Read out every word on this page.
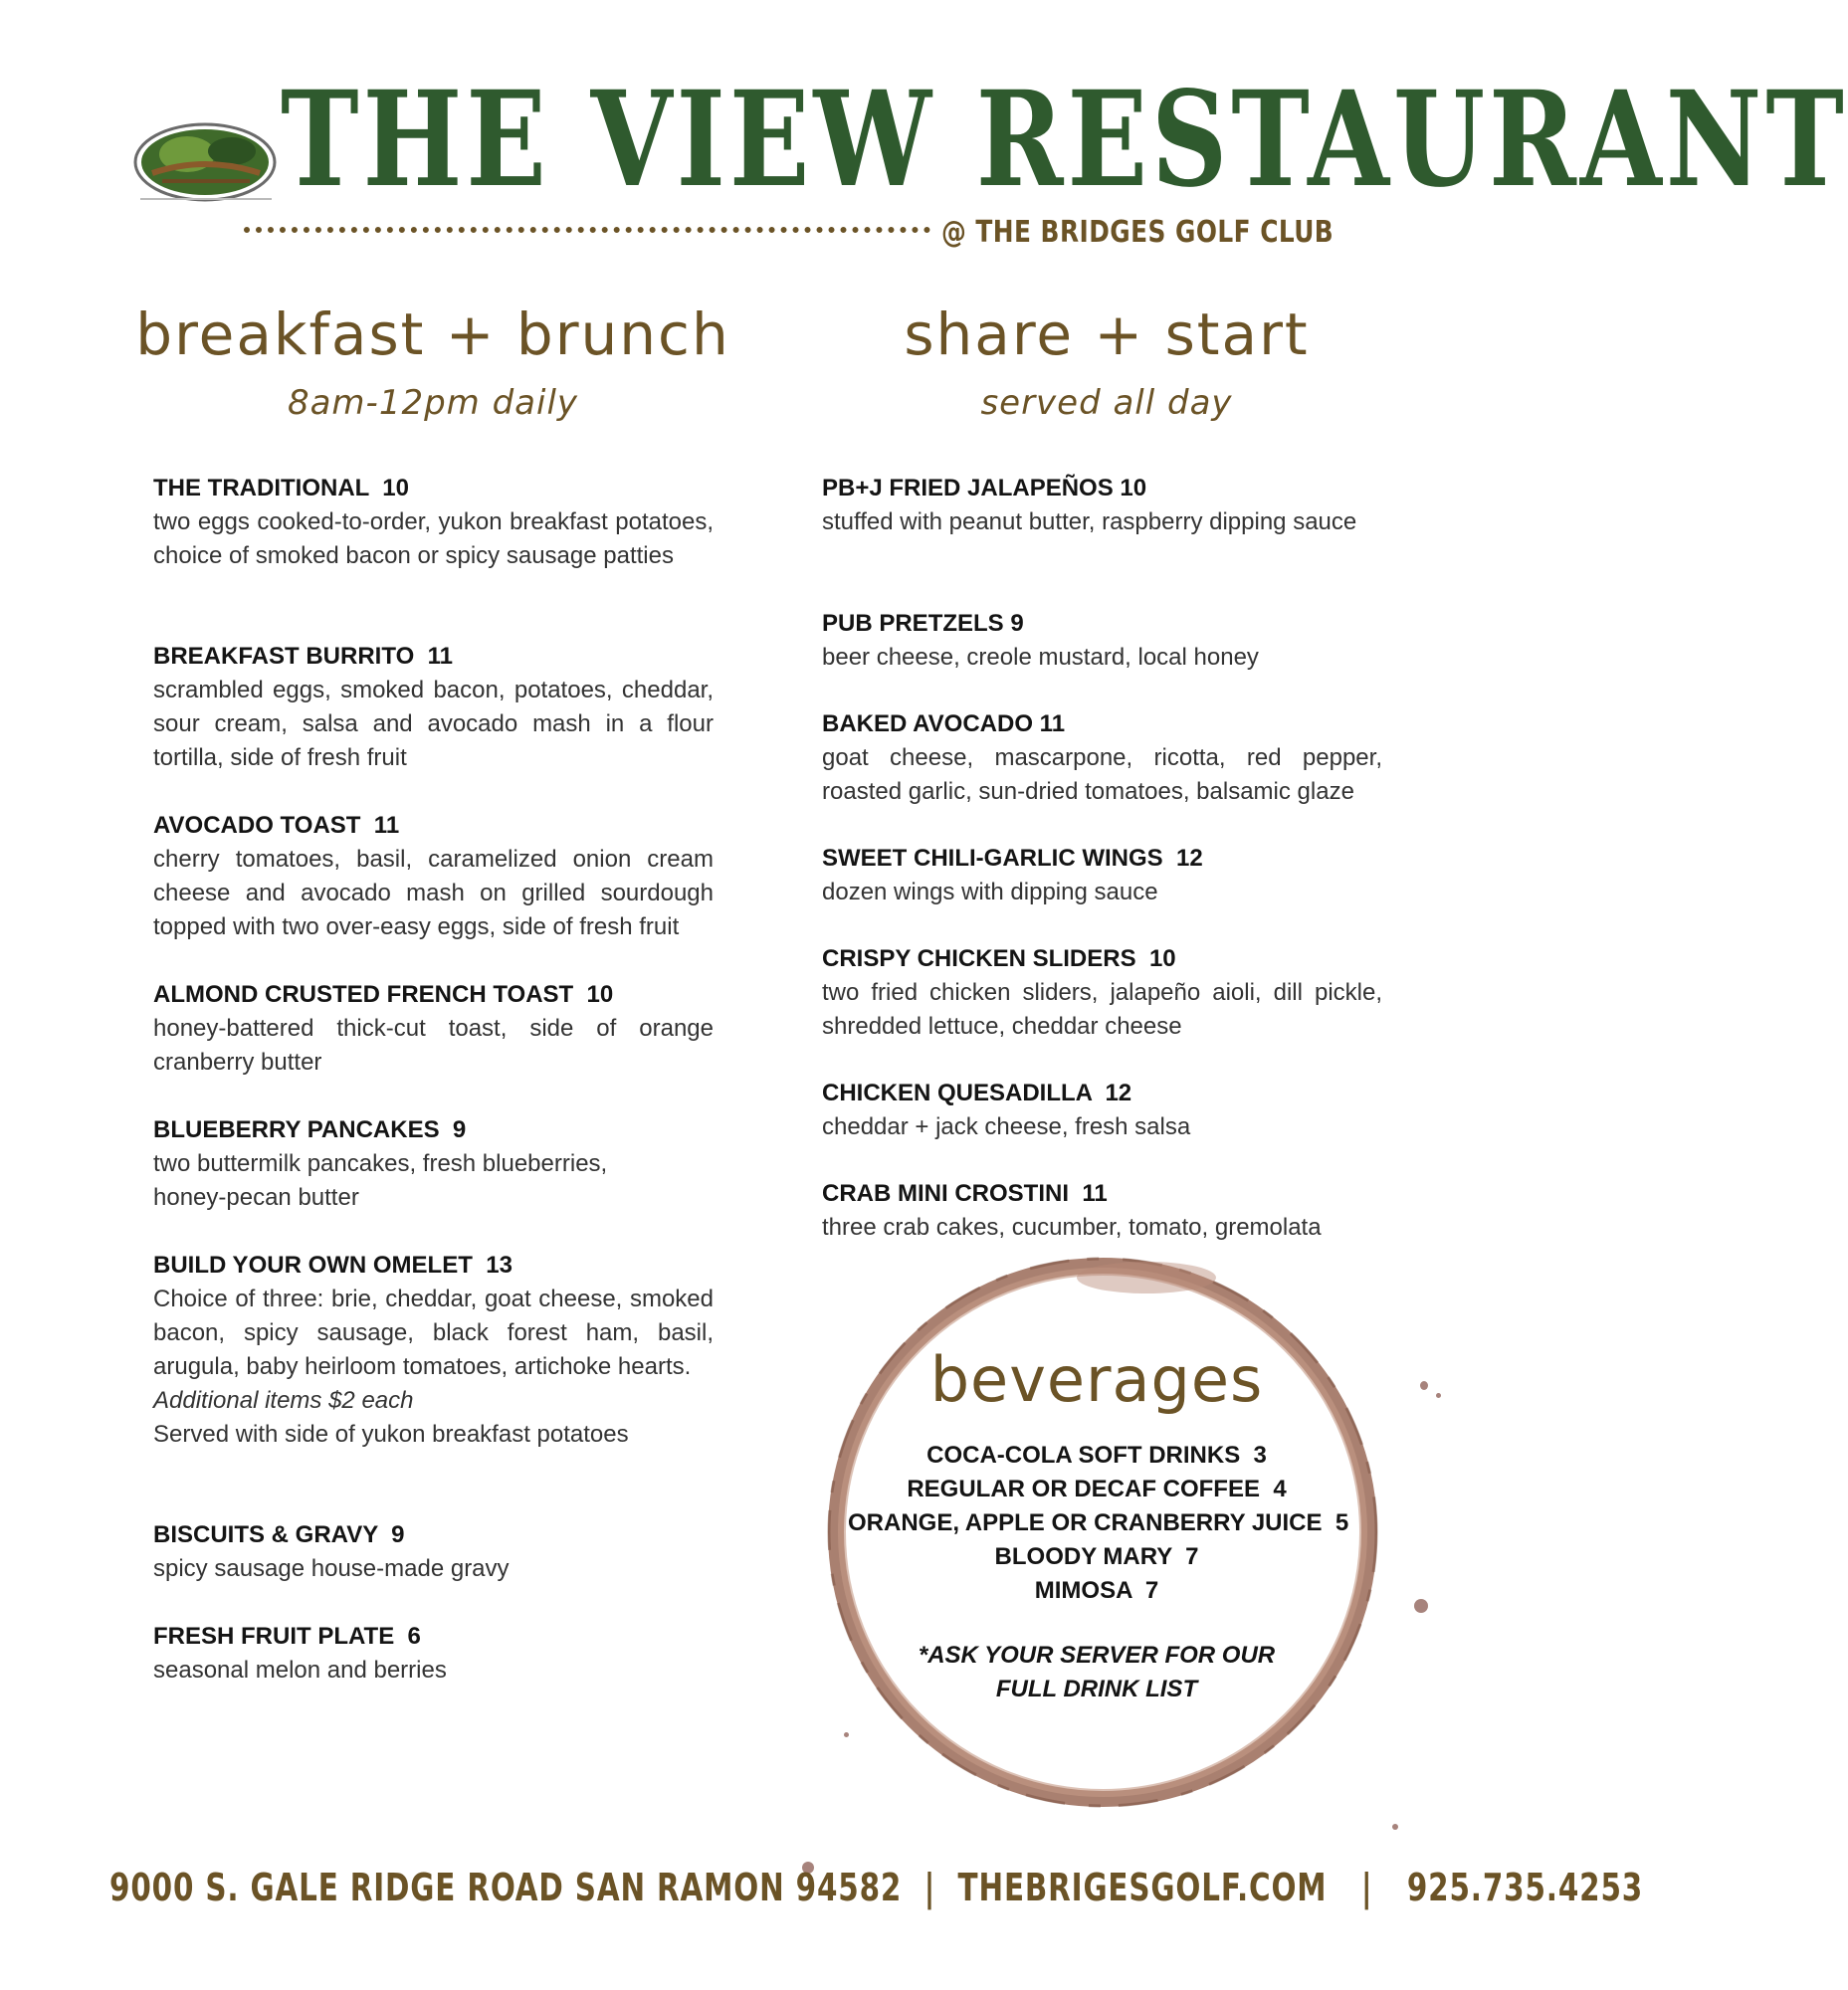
THE VIEW RESTAURANT
@ THE BRIDGES GOLF CLUB
breakfast + brunch
8am-12pm daily
share + start
served all day
THE TRADITIONAL  10
two eggs cooked-to-order, yukon breakfast potatoes, choice of smoked bacon or spicy sausage patties
BREAKFAST BURRITO  11
scrambled eggs, smoked bacon, potatoes, cheddar, sour cream, salsa and avocado mash in a flour tortilla, side of fresh fruit
AVOCADO TOAST  11
cherry tomatoes, basil, caramelized onion cream cheese and avocado mash on grilled sourdough topped with two over-easy eggs, side of fresh fruit
ALMOND CRUSTED FRENCH TOAST  10
honey-battered thick-cut toast, side of orange cranberry butter
BLUEBERRY PANCAKES  9
two buttermilk pancakes, fresh blueberries,
honey-pecan butter
BUILD YOUR OWN OMELET  13
Choice of three: brie, cheddar, goat cheese, smoked bacon, spicy sausage, black forest ham, basil, arugula, baby heirloom tomatoes, artichoke hearts.
Additional items $2 each
Served with side of yukon breakfast potatoes
BISCUITS & GRAVY  9
spicy sausage house-made gravy
FRESH FRUIT PLATE  6
seasonal melon and berries
PB+J FRIED JALAPEÑOS 10
stuffed with peanut butter, raspberry dipping sauce
PUB PRETZELS 9
beer cheese, creole mustard, local honey
BAKED AVOCADO 11
goat cheese, mascarpone, ricotta, red pepper, roasted garlic, sun-dried tomatoes, balsamic glaze
SWEET CHILI-GARLIC WINGS  12
dozen wings with dipping sauce
CRISPY CHICKEN SLIDERS  10
two fried chicken sliders, jalapeño aioli, dill pickle, shredded lettuce, cheddar cheese
CHICKEN QUESADILLA  12
cheddar + jack cheese, fresh salsa
CRAB MINI CROSTINI  11
three crab cakes, cucumber, tomato, gremolata
beverages
COCA-COLA SOFT DRINKS  3
REGULAR OR DECAF COFFEE  4
ORANGE, APPLE OR CRANBERRY JUICE  5
BLOODY MARY  7
MIMOSA  7
*ASK YOUR SERVER FOR OUR
FULL DRINK LIST
9000 S. GALE RIDGE ROAD SAN RAMON 94582 | THEBRIGESGOLF.COM | 925.735.4253
